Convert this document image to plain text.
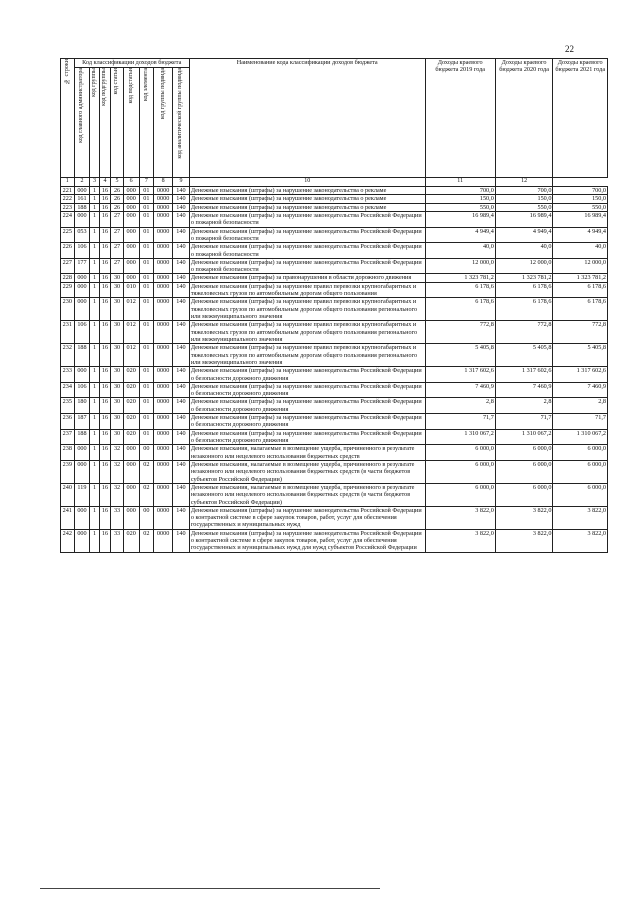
22
№ строки	Код классификации доходов бюджета								Наименование кода классификации доходов бюджета	Доходы краевого бюджета 2019 года	Доходы краевого бюджета 2020 года	Доходы краевого бюджета 2021 года

	код главного администратора	код группы	код подгруппы	код статьи	код подстатьи	код элемента	код группы подвида	код аналитической группы подвида				

1	2	3	4	5	6	7	8	9	10	11	12	
221	000	1	16	26	000	01	0000	140	Денежные взыскания (штрафы) за нарушение законодательства о рекламе	700,0	700,0	700,0
222	161	1	16	26	000	01	0000	140	Денежные взыскания (штрафы) за нарушение законодательства о рекламе	150,0	150,0	150,0
223	188	1	16	26	000	01	0000	140	Денежные взыскания (штрафы) за нарушение законодательства о рекламе	550,0	550,0	550,0
224	000	1	16	27	000	01	0000	140	Денежные взыскания (штрафы) за нарушение законодательства Российской Федерации о пожарной безопасности	16 989,4	16 989,4	16 989,4
225	053	1	16	27	000	01	0000	140	Денежные взыскания (штрафы) за нарушение законодательства Российской Федерации о пожарной безопасности	4 949,4	4 949,4	4 949,4
226	106	1	16	27	000	01	0000	140	Денежные взыскания (штрафы) за нарушение законодательства Российской Федерации о пожарной безопасности	40,0	40,0	40,0
227	177	1	16	27	000	01	0000	140	Денежные взыскания (штрафы) за нарушение законодательства Российской Федерации о пожарной безопасности	12 000,0	12 000,0	12 000,0
228	000	1	16	30	000	01	0000	140	Денежные взыскания (штрафы) за правонарушения в области дорожного движения	1 323 781,2	1 323 781,2	1 323 781,2
229	000	1	16	30	010	01	0000	140	Денежные взыскания (штрафы) за нарушение правил перевозки крупногабаритных и тяжеловесных грузов по автомобильным дорогам общего пользования	6 178,6	6 178,6	6 178,6
230	000	1	16	30	012	01	0000	140	Денежные взыскания (штрафы) за нарушение правил перевозки крупногабаритных и тяжеловесных грузов по автомобильным дорогам общего пользования регионального или межмуниципального значения	6 178,6	6 178,6	6 178,6
231	106	1	16	30	012	01	0000	140	Денежные взыскания (штрафы) за нарушение правил перевозки крупногабаритных и тяжеловесных грузов по автомобильным дорогам общего пользования регионального или межмуниципального значения	772,8	772,8	772,8
232	188	1	16	30	012	01	0000	140	Денежные взыскания (штрафы) за нарушение правил перевозки крупногабаритных и тяжеловесных грузов по автомобильным дорогам общего пользования регионального или межмуниципального значения	5 405,8	5 405,8	5 405,8
233	000	1	16	30	020	01	0000	140	Денежные взыскания (штрафы) за нарушение законодательства Российской Федерации о безопасности дорожного движения	1 317 602,6	1 317 602,6	1 317 602,6
234	106	1	16	30	020	01	0000	140	Денежные взыскания (штрафы) за нарушение законодательства Российской Федерации о безопасности дорожного движения	7 460,9	7 460,9	7 460,9
235	180	1	16	30	020	01	0000	140	Денежные взыскания (штрафы) за нарушение законодательства Российской Федерации о безопасности дорожного движения	2,8	2,8	2,8
236	187	1	16	30	020	01	0000	140	Денежные взыскания (штрафы) за нарушение законодательства Российской Федерации о безопасности дорожного движения	71,7	71,7	71,7
237	188	1	16	30	020	01	0000	140	Денежные взыскания (штрафы) за нарушение законодательства Российской Федерации о безопасности дорожного движения	1 310 067,2	1 310 067,2	1 310 067,2
238	000	1	16	32	000	00	0000	140	Денежные взыскания, налагаемые в возмещение ущерба, причиненного в результате незаконного или нецелевого использования бюджетных средств	6 000,0	6 000,0	6 000,0
239	000	1	16	32	000	02	0000	140	Денежные взыскания, налагаемые в возмещение ущерба, причиненного в результате незаконного или нецелевого использования бюджетных средств (в части бюджетов субъектов Российской Федерации)	6 000,0	6 000,0	6 000,0
240	119	1	16	32	000	02	0000	140	Денежные взыскания, налагаемые в возмещение ущерба, причиненного в результате незаконного или нецелевого использования бюджетных средств (в части бюджетов субъектов Российской Федерации)	6 000,0	6 000,0	6 000,0
241	000	1	16	33	000	00	0000	140	Денежные взыскания (штрафы) за нарушение законодательства Российской Федерации о контрактной системе в сфере закупок товаров, работ, услуг для обеспечения государственных и муниципальных нужд	3 822,0	3 822,0	3 822,0
242	000	1	16	33	020	02	0000	140	Денежные взыскания (штрафы) за нарушение законодательства Российской Федерации о контрактной системе в сфере закупок товаров, работ, услуг для обеспечения государственных и муниципальных нужд для нужд субъектов Российской Федерации	3 822,0	3 822,0	3 822,0
